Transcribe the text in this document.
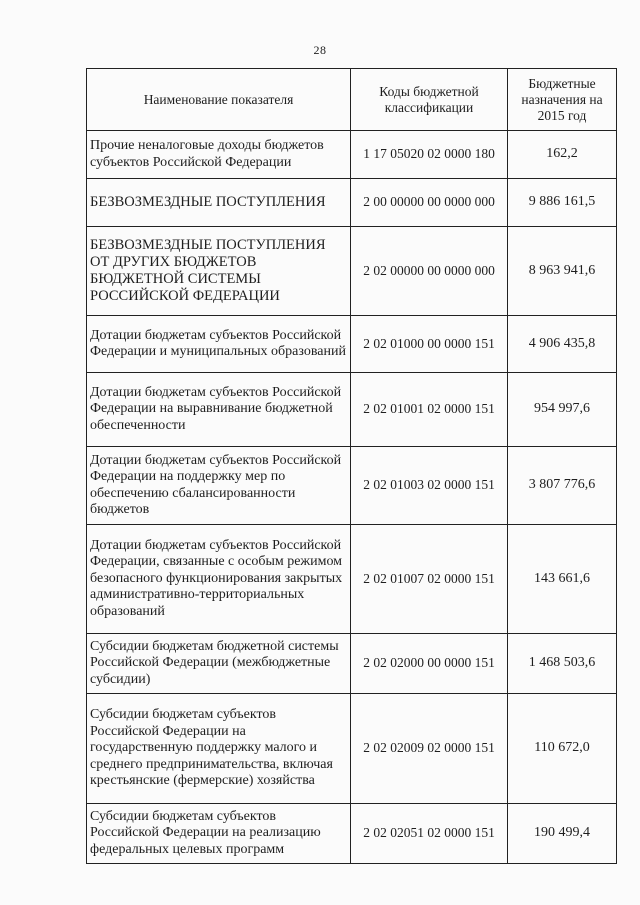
28
Наименование показателя	Коды бюджетной классификации	Бюджетные назначения на 2015 год
Прочие неналоговые доходы бюджетов субъектов Российской Федерации	1 17 05020 02 0000 180	162,2
БЕЗВОЗМЕЗДНЫЕ ПОСТУПЛЕНИЯ	2 00 00000 00 0000 000	9 886 161,5
БЕЗВОЗМЕЗДНЫЕ ПОСТУПЛЕНИЯ ОТ ДРУГИХ БЮДЖЕТОВ БЮДЖЕТНОЙ СИСТЕМЫ РОССИЙСКОЙ ФЕДЕРАЦИИ	2 02 00000 00 0000 000	8 963 941,6
Дотации бюджетам субъектов Российской Федерации и муниципальных образований	2 02 01000 00 0000 151	4 906 435,8
Дотации бюджетам субъектов Российской Федерации на выравнивание бюджетной обеспеченности	2 02 01001 02 0000 151	954 997,6
Дотации бюджетам субъектов Российской Федерации на поддержку мер по обеспечению сбалансированности бюджетов	2 02 01003 02 0000 151	3 807 776,6
Дотации бюджетам субъектов Российской Федерации, связанные с особым режимом безопасного функционирования закрытых административно-территориальных образований	2 02 01007 02 0000 151	143 661,6
Субсидии бюджетам бюджетной системы Российской Федерации (межбюджетные субсидии)	2 02 02000 00 0000 151	1 468 503,6
Субсидии бюджетам субъектов Российской Федерации на государственную поддержку малого и среднего предпринимательства, включая крестьянские (фермерские) хозяйства	2 02 02009 02 0000 151	110 672,0
Субсидии бюджетам субъектов Российской Федерации на реализацию федеральных целевых программ	2 02 02051 02 0000 151	190 499,4
